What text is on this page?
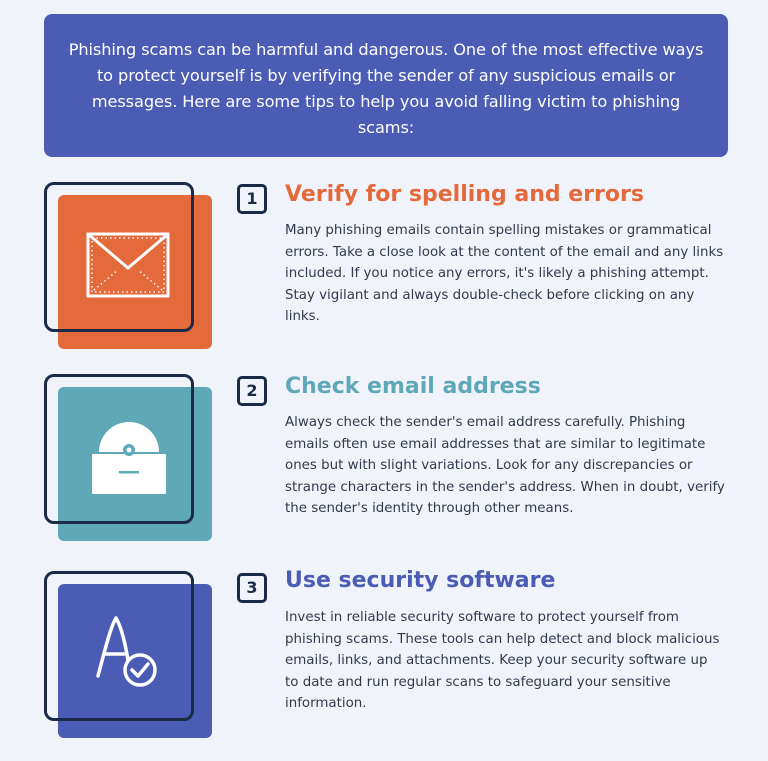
Phishing scams can be harmful and dangerous. One of the most effective ways to protect yourself is by verifying the sender of any suspicious emails or messages. Here are some tips to help you avoid falling victim to phishing scams:
1	Verify for spelling and errors
Many phishing emails contain spelling mistakes or grammatical errors. Take a close look at the content of the email and any links included. If you notice any errors, it's likely a phishing attempt. Stay vigilant and always double-check before clicking on any links.
2	Check email address
Always check the sender's email address carefully. Phishing emails often use email addresses that are similar to legitimate ones but with slight variations. Look for any discrepancies or strange characters in the sender's address. When in doubt, verify the sender's identity through other means.
3	Use security software
Invest in reliable security software to protect yourself from phishing scams. These tools can help detect and block malicious emails, links, and attachments. Keep your security software up to date and run regular scans to safeguard your sensitive information.
